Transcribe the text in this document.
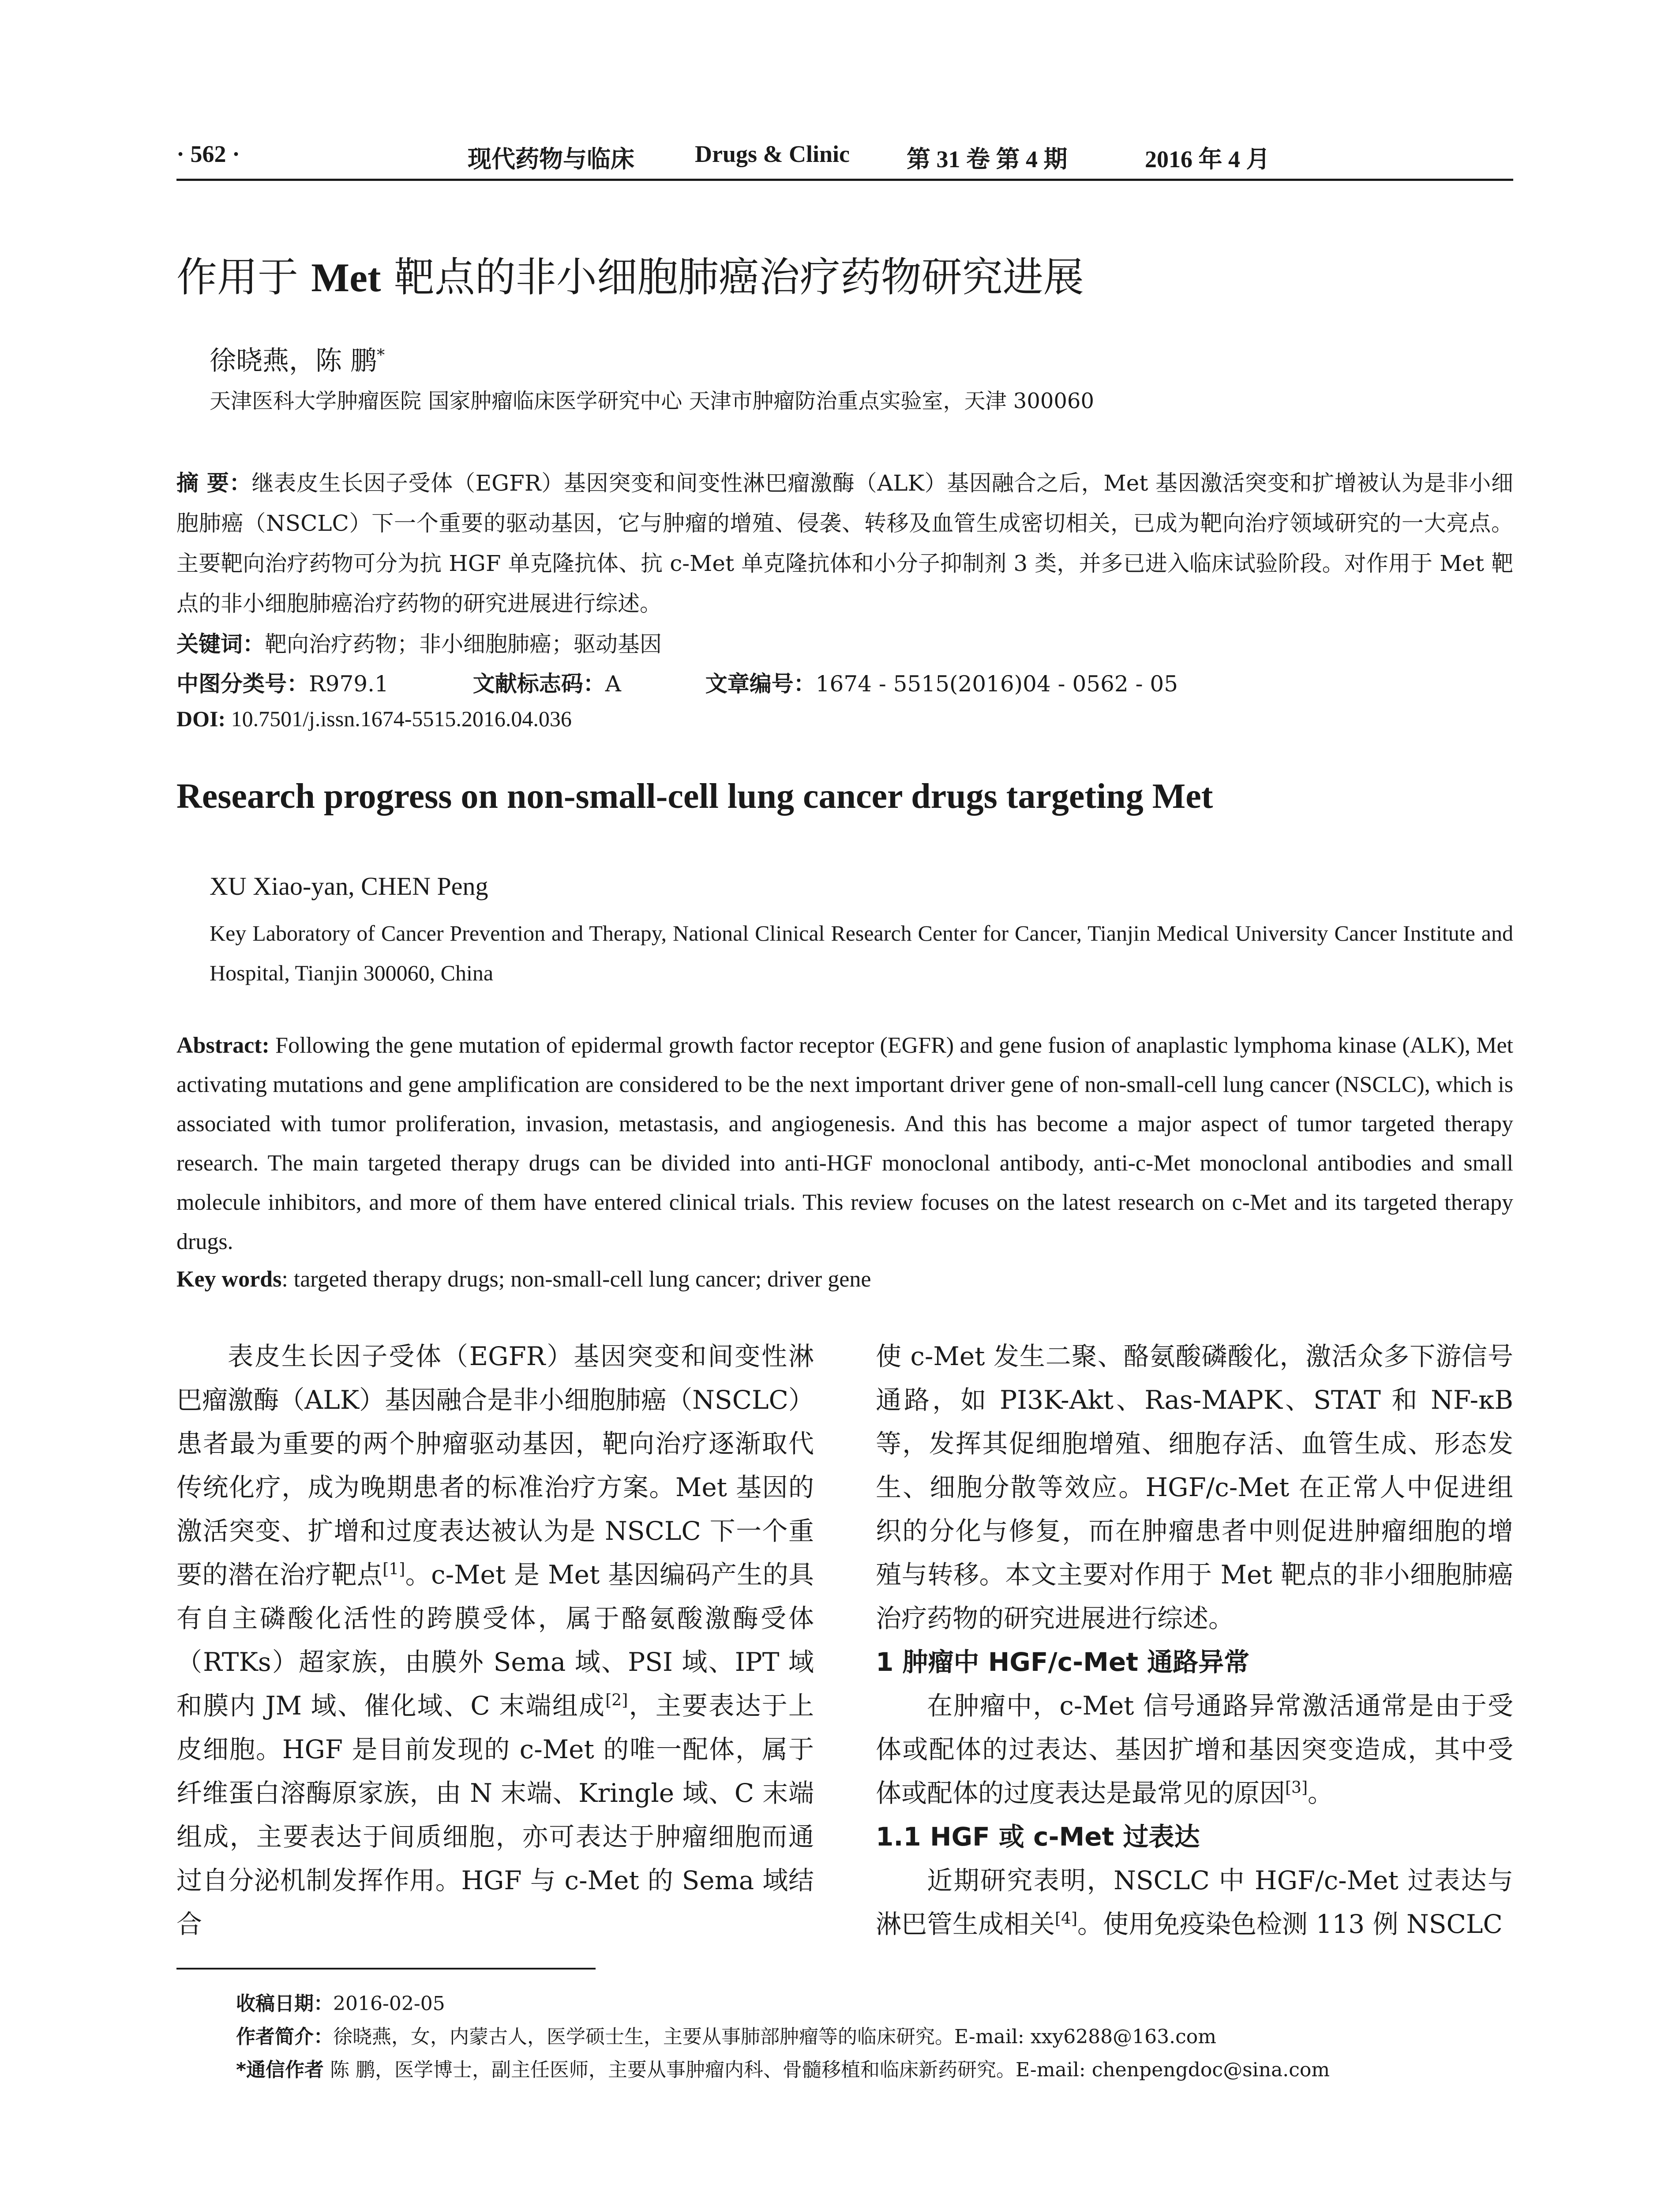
· 562 ·	现代药物与临床	Drugs & Clinic 第 31 卷 第 4 期	2016 年 4 月
作用于 Met 靶点的非小细胞肺癌治疗药物研究进展
徐晓燕，陈 鹏*
天津医科大学肿瘤医院 国家肿瘤临床医学研究中心 天津市肿瘤防治重点实验室，天津 300060
摘 要：继表皮生长因子受体（EGFR）基因突变和间变性淋巴瘤激酶（ALK）基因融合之后，Met 基因激活突变和扩增被认为是非小细胞肺癌（NSCLC）下一个重要的驱动基因，它与肿瘤的增殖、侵袭、转移及血管生成密切相关，已成为靶向治疗领域研究的一大亮点。主要靶向治疗药物可分为抗 HGF 单克隆抗体、抗 c-Met 单克隆抗体和小分子抑制剂 3 类，并多已进入临床试验阶段。对作用于 Met 靶点的非小细胞肺癌治疗药物的研究进展进行综述。
关键词：靶向治疗药物；非小细胞肺癌；驱动基因
中图分类号：R979.1	文献标志码：A	文章编号：1674 - 5515(2016)04 - 0562 - 05
DOI: 10.7501/j.issn.1674-5515.2016.04.036
Research progress on non-small-cell lung cancer drugs targeting Met
XU Xiao-yan, CHEN Peng
Key Laboratory of Cancer Prevention and Therapy, National Clinical Research Center for Cancer, Tianjin Medical University Cancer Institute and Hospital, Tianjin 300060, China
Abstract: Following the gene mutation of epidermal growth factor receptor (EGFR) and gene fusion of anaplastic lymphoma kinase (ALK), Met activating mutations and gene amplification are considered to be the next important driver gene of non-small-cell lung cancer (NSCLC), which is associated with tumor proliferation, invasion, metastasis, and angiogenesis. And this has become a major aspect of tumor targeted therapy research. The main targeted therapy drugs can be divided into anti-HGF monoclonal antibody, anti-c-Met monoclonal antibodies and small molecule inhibitors, and more of them have entered clinical trials. This review focuses on the latest research on c-Met and its targeted therapy drugs.
Key words: targeted therapy drugs; non-small-cell lung cancer; driver gene

表皮生长因子受体（EGFR）基因突变和间变性淋巴瘤激酶（ALK）基因融合是非小细胞肺癌（NSCLC）患者最为重要的两个肿瘤驱动基因，靶向治疗逐渐取代传统化疗，成为晚期患者的标准治疗方案。Met 基因的激活突变、扩增和过度表达被认为是 NSCLC 下一个重要的潜在治疗靶点[1]。c-Met 是 Met 基因编码产生的具有自主磷酸化活性的跨膜受体，属于酪氨酸激酶受体（RTKs）超家族，由膜外 Sema 域、PSI 域、IPT 域和膜内 JM 域、催化域、C 末端组成[2]，主要表达于上皮细胞。HGF 是目前发现的 c-Met 的唯一配体，属于纤维蛋白溶酶原家族，由 N 末端、Kringle 域、C 末端组成，主要表达于间质细胞，亦可表达于肿瘤细胞而通过自分泌机制发挥作用。HGF 与 c-Met 的 Sema 域结合

使 c-Met 发生二聚、酪氨酸磷酸化，激活众多下游信号通路，如 PI3K-Akt、Ras-MAPK、STAT 和 NF-κB 等，发挥其促细胞增殖、细胞存活、血管生成、形态发生、细胞分散等效应。HGF/c-Met 在正常人中促进组织的分化与修复，而在肿瘤患者中则促进肿瘤细胞的增殖与转移。本文主要对作用于 Met 靶点的非小细胞肺癌治疗药物的研究进展进行综述。

1 肿瘤中 HGF/c-Met 通路异常

在肿瘤中，c-Met 信号通路异常激活通常是由于受体或配体的过表达、基因扩增和基因突变造成，其中受体或配体的过度表达是最常见的原因[3]。

1.1 HGF 或 c-Met 过表达

近期研究表明，NSCLC 中 HGF/c-Met 过表达与淋巴管生成相关[4]。使用免疫染色检测 113 例 NSCLC

收稿日期：2016-02-05
作者简介：徐晓燕，女，内蒙古人，医学硕士生，主要从事肺部肿瘤等的临床研究。E-mail: xxy6288@163.com
*通信作者 陈 鹏，医学博士，副主任医师，主要从事肿瘤内科、骨髓移植和临床新药研究。E-mail: chenpengdoc@sina.com
